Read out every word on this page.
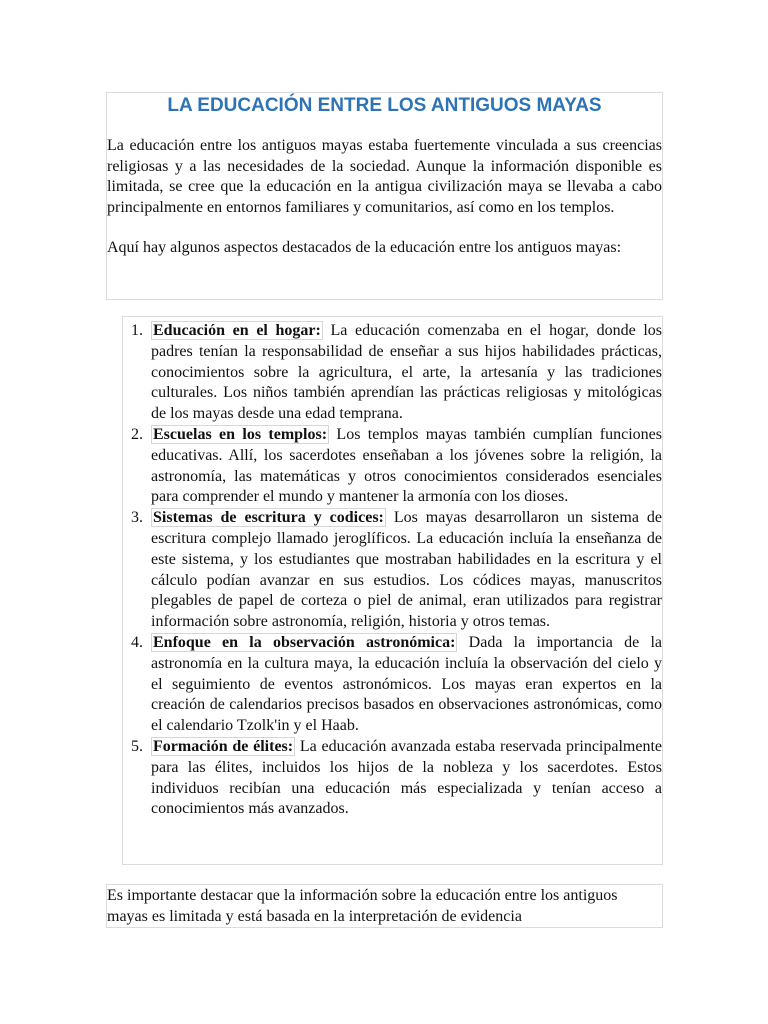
LA EDUCACIÓN ENTRE LOS ANTIGUOS MAYAS

La educación entre los antiguos mayas estaba fuertemente vinculada a sus creencias religiosas y a las necesidades de la sociedad. Aunque la información disponible es limitada, se cree que la educación en la antigua civilización maya se llevaba a cabo principalmente en entornos familiares y comunitarios, así como en los templos.

Aquí hay algunos aspectos destacados de la educación entre los antiguos mayas:

1. Educación en el hogar: La educación comenzaba en el hogar, donde los padres tenían la responsabilidad de enseñar a sus hijos habilidades prácticas, conocimientos sobre la agricultura, el arte, la artesanía y las tradiciones culturales. Los niños también aprendían las prácticas religiosas y mitológicas de los mayas desde una edad temprana.
2. Escuelas en los templos: Los templos mayas también cumplían funciones educativas. Allí, los sacerdotes enseñaban a los jóvenes sobre la religión, la astronomía, las matemáticas y otros conocimientos considerados esenciales para comprender el mundo y mantener la armonía con los dioses.
3. Sistemas de escritura y codices: Los mayas desarrollaron un sistema de escritura complejo llamado jeroglíficos. La educación incluía la enseñanza de este sistema, y los estudiantes que mostraban habilidades en la escritura y el cálculo podían avanzar en sus estudios. Los códices mayas, manuscritos plegables de papel de corteza o piel de animal, eran utilizados para registrar información sobre astronomía, religión, historia y otros temas.
4. Enfoque en la observación astronómica: Dada la importancia de la astronomía en la cultura maya, la educación incluía la observación del cielo y el seguimiento de eventos astronómicos. Los mayas eran expertos en la creación de calendarios precisos basados en observaciones astronómicas, como el calendario Tzolk'in y el Haab.
5. Formación de élites: La educación avanzada estaba reservada principalmente para las élites, incluidos los hijos de la nobleza y los sacerdotes. Estos individuos recibían una educación más especializada y tenían acceso a conocimientos más avanzados.

Es importante destacar que la información sobre la educación entre los antiguos mayas es limitada y está basada en la interpretación de evidencia
